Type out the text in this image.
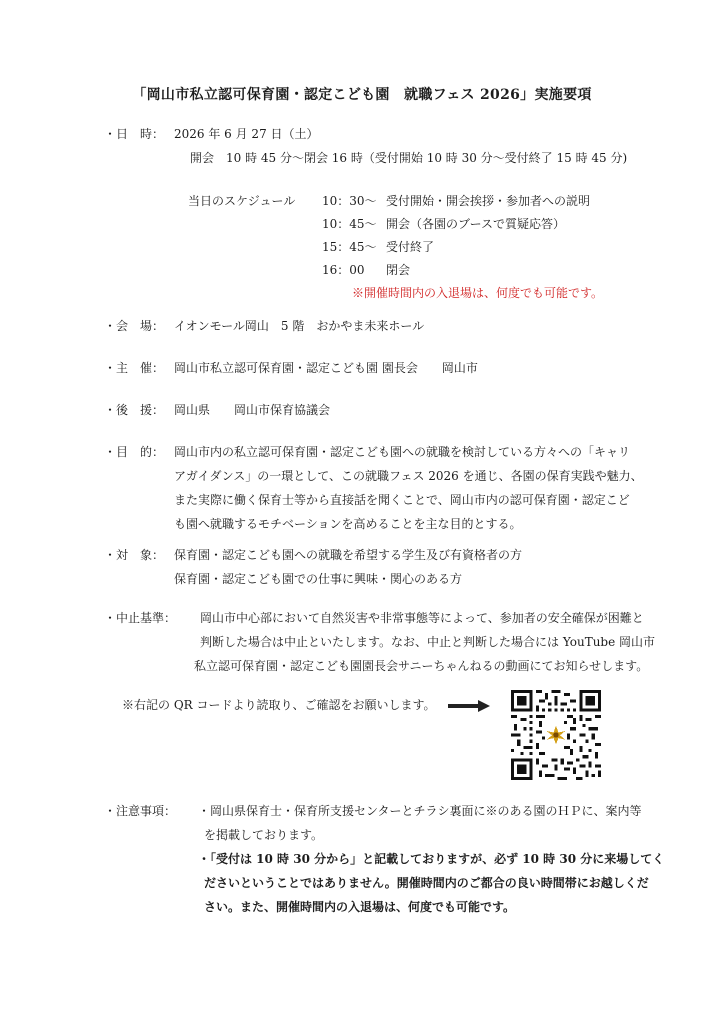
「岡山市私立認可保育園・認定こども園　就職フェス 2026」実施要項
・日　時： 2026 年 6 月 27 日（土）
開会　10 時 45 分〜閉会 16 時（受付開始 10 時 30 分〜受付終了 15 時 45 分)
当日のスケジュール 10：30〜 受付開始・開会挨拶・参加者への説明
10：45〜 開会（各園のブースで質疑応答）
15：45〜 受付終了
16：00 閉会
※開催時間内の入退場は、何度でも可能です。
・会　場： イオンモール岡山　5 階　おかやま未来ホール
・主　催： 岡山市私立認可保育園・認定こども園 園長会　　岡山市
・後　援： 岡山県　　岡山市保育協議会
・目　的： 岡山市内の私立認可保育園・認定こども園への就職を検討している方々への「キャリ
アガイダンス」の一環として、この就職フェス 2026 を通じ、各園の保育実践や魅力、
また実際に働く保育士等から直接話を聞くことで、岡山市内の認可保育園・認定こど
も園へ就職するモチベーションを高めることを主な目的とする。
・対　象： 保育園・認定こども園への就職を希望する学生及び有資格者の方
保育園・認定こども園での仕事に興味・関心のある方
・中止基準： 岡山市中心部において自然災害や非常事態等によって、参加者の安全確保が困難と
判断した場合は中止といたします。なお、中止と判断した場合には YouTube 岡山市
私立認可保育園・認定こども園園長会サニーちゃんねるの動画にてお知らせします。
※右記の QR コードより読取り、ご確認をお願いします。
・注意事項： ・岡山県保育士・保育所支援センターとチラシ裏面に※のある園のＨＰに、案内等
を掲載しております。
・「受付は 10 時 30 分から」と記載しておりますが、必ず 10 時 30 分に来場してく
ださいということではありません。開催時間内のご都合の良い時間帯にお越しくだ
さい。また、開催時間内の入退場は、何度でも可能です。
